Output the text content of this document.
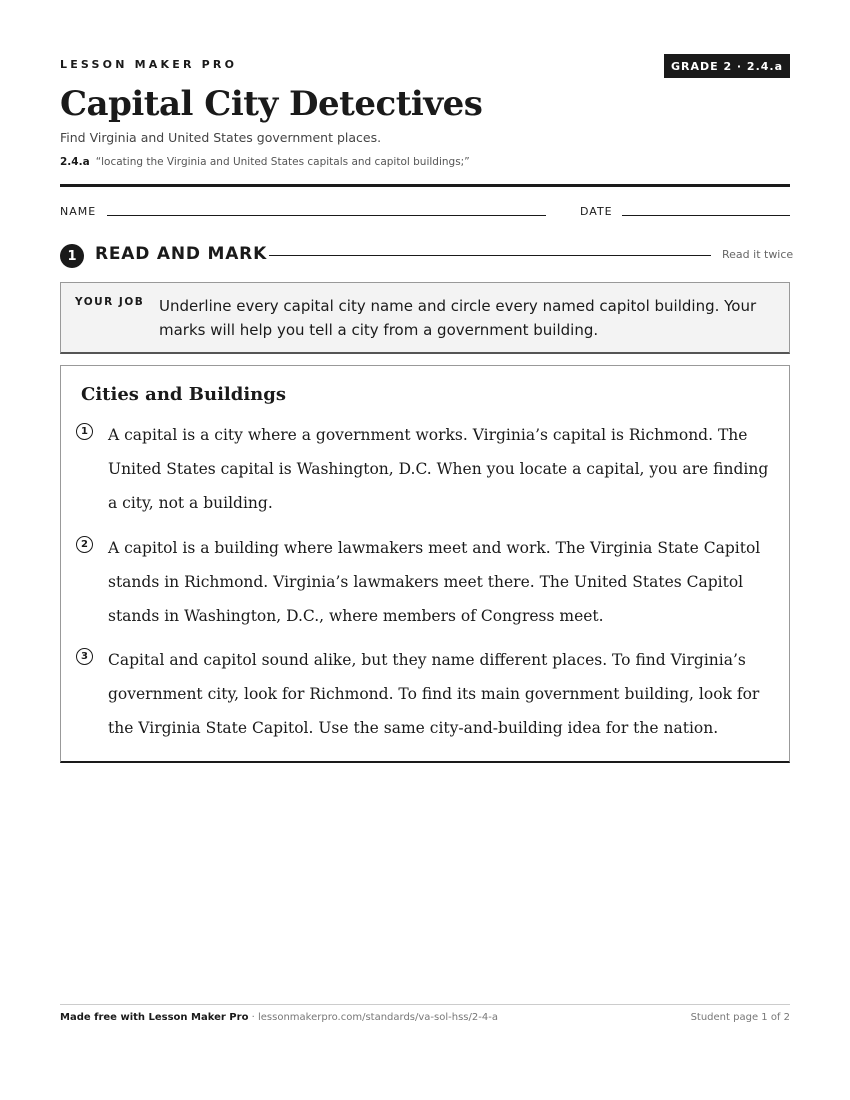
LESSON MAKER PRO	GRADE 2 · 2.4.a
Capital City Detectives
Find Virginia and United States government places.
2.4.a “locating the Virginia and United States capitals and capitol buildings;”
NAME	DATE
1	READ AND MARK	Read it twice
YOUR JOB Underline every capital city name and circle every named capitol building. Your marks will help you tell a city from a government building.
Cities and Buildings
1	A capital is a city where a government works. Virginia’s capital is Richmond. The United States capital is Washington, D.C. When you locate a capital, you are finding a city, not a building.
2	A capitol is a building where lawmakers meet and work. The Virginia State Capitol stands in Richmond. Virginia’s lawmakers meet there. The United States Capitol stands in Washington, D.C., where members of Congress meet.
3	Capital and capitol sound alike, but they name different places. To find Virginia’s government city, look for Richmond. To find its main government building, look for the Virginia State Capitol. Use the same city-and-building idea for the nation.
Made free with Lesson Maker Pro · lessonmakerpro.com/standards/va-sol-hss/2-4-a	Student page 1 of 2
